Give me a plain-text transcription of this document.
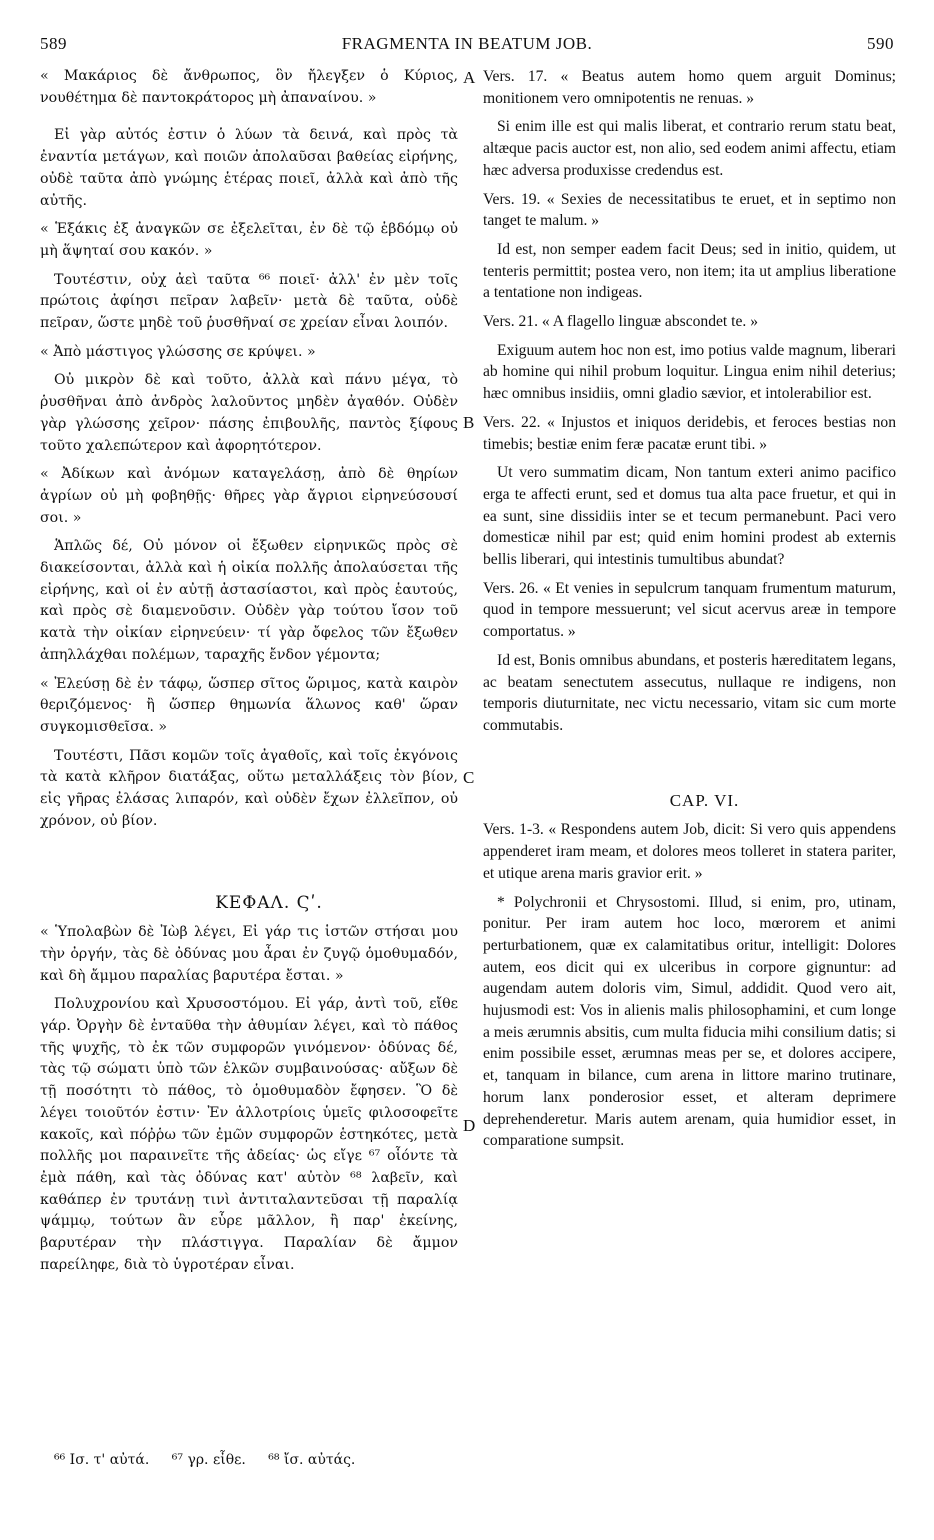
589	FRAGMENTA IN BEATUM JOB.	590

« Μακάριος δὲ ἄνθρωπος, ὃν ἤλεγξεν ὁ Κύριος, νουθέτημα δὲ παντοκράτορος μὴ ἀπαναίνου. »

Εἰ γὰρ αὐτός ἐστιν ὁ λύων τὰ δεινά, καὶ πρὸς τὰ ἐναντία μετάγων, καὶ ποιῶν ἀπολαῦσαι βαθείας εἰρήνης, οὐδὲ ταῦτα ἀπὸ γνώμης ἑτέρας ποιεῖ, ἀλλὰ καὶ ἀπὸ τῆς αὐτῆς.

« Ἑξάκις ἐξ ἀναγκῶν σε ἐξελεῖται, ἐν δὲ τῷ ἑβδόμῳ οὐ μὴ ἅψηταί σου κακόν. »

Τουτέστιν, οὐχ ἀεὶ ταῦτα ⁶⁶ ποιεῖ· ἀλλ' ἐν μὲν τοῖς πρώτοις ἀφίησι πεῖραν λαβεῖν· μετὰ δὲ ταῦτα, οὐδὲ πεῖραν, ὥστε μηδὲ τοῦ ῥυσθῆναί σε χρείαν εἶναι λοιπόν.

« Ἀπὸ μάστιγος γλώσσης σε κρύψει. »

Οὐ μικρὸν δὲ καὶ τοῦτο, ἀλλὰ καὶ πάνυ μέγα, τὸ ῥυσθῆναι ἀπὸ ἀνδρὸς λαλοῦντος μηδὲν ἀγαθόν. Οὐδὲν γὰρ γλώσσης χεῖρον· πάσης ἐπιβουλῆς, παντὸς ξίφους τοῦτο χαλεπώτερον καὶ ἀφορητότερον.

« Ἀδίκων καὶ ἀνόμων καταγελάσῃ, ἀπὸ δὲ θηρίων ἀγρίων οὐ μὴ φοβηθῇς· θῆρες γὰρ ἄγριοι εἰρηνεύσουσί σοι. »

Ἁπλῶς δέ, Οὐ μόνον οἱ ἔξωθεν εἰρηνικῶς πρὸς σὲ διακείσονται, ἀλλὰ καὶ ἡ οἰκία πολλῆς ἀπολαύσεται τῆς εἰρήνης, καὶ οἱ ἐν αὐτῇ ἀστασίαστοι, καὶ πρὸς ἑαυτούς, καὶ πρὸς σὲ διαμενοῦσιν. Οὐδὲν γὰρ τούτου ἴσον τοῦ κατὰ τὴν οἰκίαν εἰρηνεύειν· τί γὰρ ὄφελος τῶν ἔξωθεν ἀπηλλάχθαι πολέμων, ταραχῆς ἔνδον γέμοντα;

« Ἐλεύσῃ δὲ ἐν τάφῳ, ὥσπερ σῖτος ὥριμος, κατὰ καιρὸν θεριζόμενος· ἢ ὥσπερ θημωνία ἅλωνος καθ' ὥραν συγκομισθεῖσα. »

Τουτέστι, Πᾶσι κομῶν τοῖς ἀγαθοῖς, καὶ τοῖς ἐκγόνοις τὰ κατὰ κλῆρον διατάξας, οὕτω μεταλλάξεις τὸν βίον, εἰς γῆρας ἐλάσας λιπαρόν, καὶ οὐδὲν ἔχων ἐλλεῖπον, οὐ χρόνον, οὐ βίον.

ΚΕΦΑΛ. Ϛʹ.

« Ὑπολαβὼν δὲ Ἰὼβ λέγει, Εἰ γάρ τις ἱστῶν στήσαι μου τὴν ὀργήν, τὰς δὲ ὀδύνας μου ἆραι ἐν ζυγῷ ὁμοθυμαδόν, καὶ δὴ ἄμμου παραλίας βαρυτέρα ἔσται. »

Πολυχρονίου καὶ Χρυσοστόμου. Εἰ γάρ, ἀντὶ τοῦ, εἴθε γάρ. Ὀργὴν δὲ ἐνταῦθα τὴν ἀθυμίαν λέγει, καὶ τὸ πάθος τῆς ψυχῆς, τὸ ἐκ τῶν συμφορῶν γινόμενον· ὀδύνας δέ, τὰς τῷ σώματι ὑπὸ τῶν ἑλκῶν συμβαινούσας· αὔξων δὲ τῇ ποσότητι τὸ πάθος, τὸ ὁμοθυμαδὸν ἔφησεν. Ὃ δὲ λέγει τοιοῦτόν ἐστιν· Ἐν ἀλλοτρίοις ὑμεῖς φιλοσοφεῖτε κακοῖς, καὶ πόῤῥω τῶν ἐμῶν συμφορῶν ἑστηκότες, μετὰ πολλῆς μοι παραινεῖτε τῆς ἀδείας· ὡς εἴγε ⁶⁷ οἷόντε τὰ ἐμὰ πάθη, καὶ τὰς ὀδύνας κατ' αὐτὸν ⁶⁸ λαβεῖν, καὶ καθάπερ ἐν τρυτάνῃ τινὶ ἀντιταλαντεῦσαι τῇ παραλίᾳ ψάμμῳ, τούτων ἂν εὗρε μᾶλλον, ἢ παρ' ἐκείνης, βαρυτέραν τὴν πλάστιγγα. Παραλίαν δὲ ἄμμον παρείληφε, διὰ τὸ ὑγροτέραν εἶναι.

A
B
C
D

Vers. 17. « Beatus autem homo quem arguit Dominus; monitionem vero omnipotentis ne renuas. »

Si enim ille est qui malis liberat, et contrario rerum statu beat, altæque pacis auctor est, non alio, sed eodem animi affectu, etiam hæc adversa produxisse credendus est.

Vers. 19. « Sexies de necessitatibus te eruet, et in septimo non tanget te malum. »

Id est, non semper eadem facit Deus; sed in initio, quidem, ut tenteris permittit; postea vero, non item; ita ut amplius liberatione a tentatione non indigeas.

Vers. 21. « A flagello linguæ abscondet te. »

Exiguum autem hoc non est, imo potius valde magnum, liberari ab homine qui nihil probum loquitur. Lingua enim nihil deterius; hæc omnibus insidiis, omni gladio sævior, et intolerabilior est.

Vers. 22. « Injustos et iniquos deridebis, et feroces bestias non timebis; bestiæ enim feræ pacatæ erunt tibi. »

Ut vero summatim dicam, Non tantum exteri animo pacifico erga te affecti erunt, sed et domus tua alta pace fruetur, et qui in ea sunt, sine dissidiis inter se et tecum permanebunt. Paci vero domesticæ nihil par est; quid enim homini prodest ab externis bellis liberari, qui intestinis tumultibus abundat?

Vers. 26. « Et venies in sepulcrum tanquam frumentum maturum, quod in tempore messuerunt; vel sicut acervus areæ in tempore comportatus. »

Id est, Bonis omnibus abundans, et posteris hæreditatem legans, ac beatam senectutem assecutus, nullaque re indigens, non temporis diuturnitate, nec victu necessario, vitam sic cum morte commutabis.

CAP. VI.

Vers. 1-3. « Respondens autem Job, dicit: Si vero quis appendens appenderet iram meam, et dolores meos tolleret in statera pariter, et utique arena maris gravior erit. »

* Polychronii et Chrysostomi. Illud, si enim, pro, utinam, ponitur. Per iram autem hoc loco, mœrorem et animi perturbationem, quæ ex calamitatibus oritur, intelligit: Dolores autem, eos dicit qui ex ulceribus in corpore gignuntur: ad augendam autem doloris vim, Simul, addidit. Quod vero ait, hujusmodi est: Vos in alienis malis philosophamini, et cum longe a meis ærumnis absitis, cum multa fiducia mihi consilium datis; si enim possibile esset, ærumnas meas per se, et dolores accipere, et, tanquam in bilance, cum arena in littore marino trutinare, horum lanx ponderosior esset, et alteram deprimere deprehenderetur. Maris autem arenam, quia humidior esset, in comparatione sumpsit.

⁶⁶ Ισ. τ' αὐτά. ⁶⁷ γρ. εἶθε. ⁶⁸ ἴσ. αὐτάς.
